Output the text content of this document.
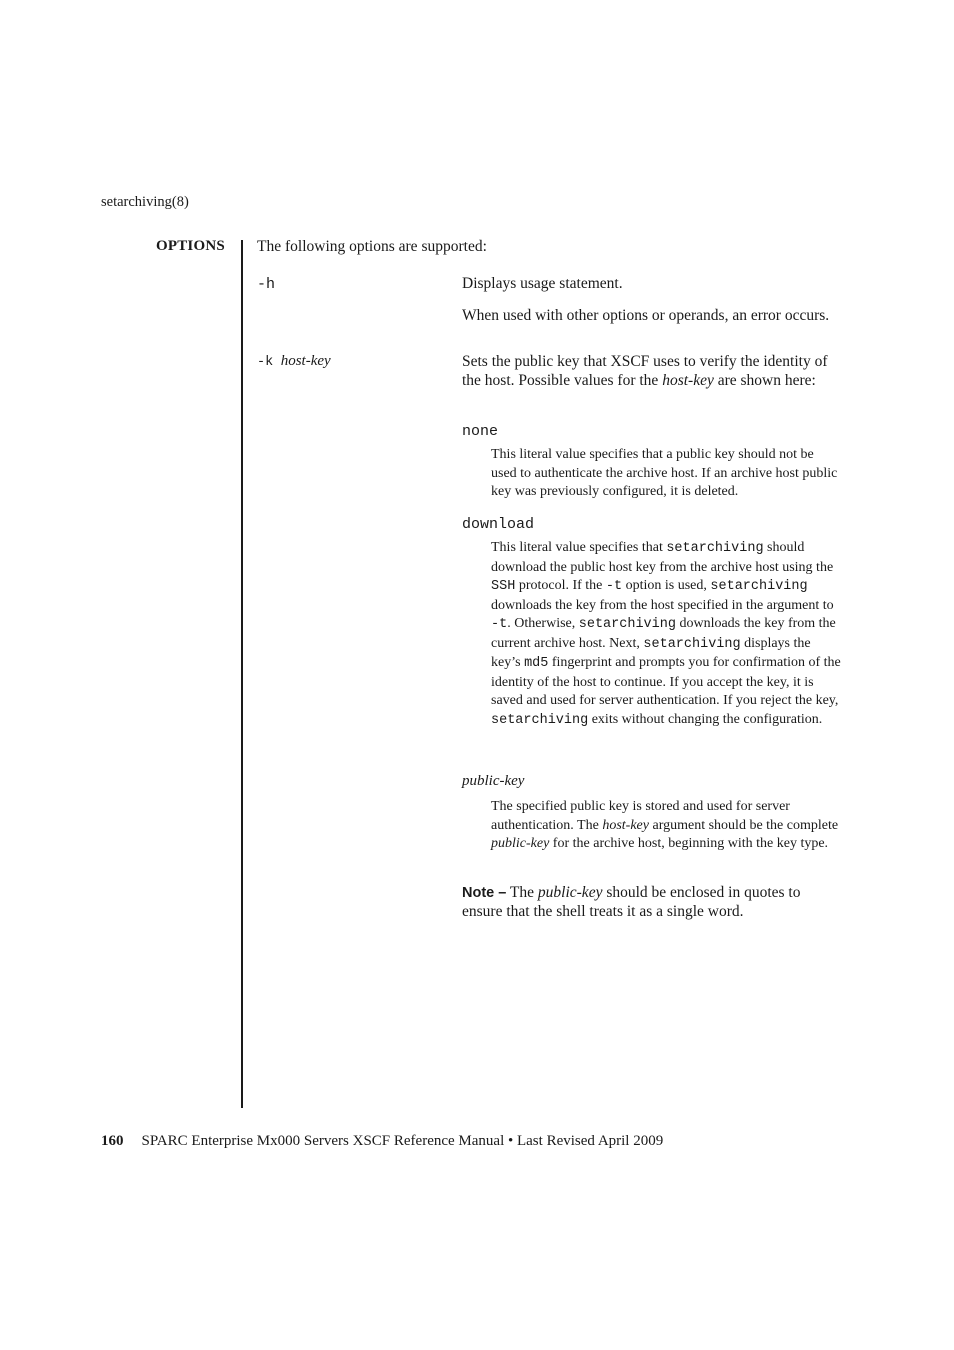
setarchiving(8)
OPTIONS The following options are supported:
-h	Displays usage statement.
When used with other options or operands, an error occurs.
-k host-key	Sets the public key that XSCF uses to verify the identity of the host. Possible values for the host-key are shown here:
none
This literal value specifies that a public key should not be used to authenticate the archive host. If an archive host public key was previously configured, it is deleted.
download
This literal value specifies that setarchiving should download the public host key from the archive host using the SSH protocol. If the -t option is used, setarchiving downloads the key from the host specified in the argument to -t. Otherwise, setarchiving downloads the key from the current archive host. Next, setarchiving displays the key’s md5 fingerprint and prompts you for confirmation of the identity of the host to continue. If you accept the key, it is saved and used for server authentication. If you reject the key, setarchiving exits without changing the configuration.
public-key
The specified public key is stored and used for server authentication. The host-key argument should be the complete public-key for the archive host, beginning with the key type.
Note – The public-key should be enclosed in quotes to ensure that the shell treats it as a single word.
160 SPARC Enterprise Mx000 Servers XSCF Reference Manual • Last Revised April 2009
